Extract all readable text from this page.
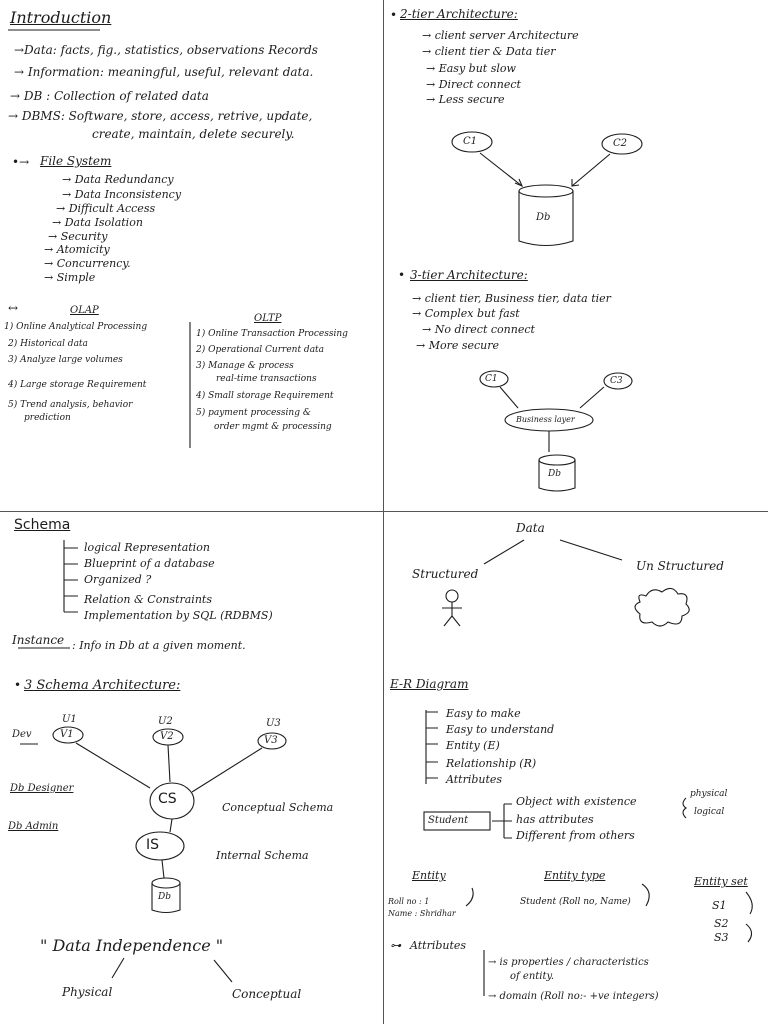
Introduction
→Data: facts, fig., statistics, observations Records
→ Information: meaningful, useful, relevant data.
→ DB : Collection of related data
→ DBMS: Software, store, access, retrive, update,
create, maintain, delete securely.
•→ File System
→ Data Redundancy
→ Data Inconsistency
→ Difficult Access
→ Data Isolation
→ Security
→ Atomicity
→ Concurrency.
→ Simple
↔	OLAP
1) Online Analytical Processing
2) Historical data
3) Analyze large volumes
4) Large storage Requirement
5) Trend analysis, behavior
prediction
OLTP
1) Online Transaction Processing
2) Operational Current data
3) Manage & process
real-time transactions
4) Small storage Requirement
5) payment processing &
order mgmt & processing
• 2-tier Architecture:
→ client server Architecture
→ client tier & Data tier
→ Easy but slow
→ Direct connect
→ Less secure
C1	C2
Db
• 3-tier Architecture:
→ client tier, Business tier, data tier
→ Complex but fast
→ No direct connect
→ More secure
C1	C3
Business layer
Db
Schema
logical Representation
Blueprint of a database
Organized ?
Relation & Constraints
Implementation by SQL (RDBMS)
Instance : Info in Db at a given moment.
• 3 Schema Architecture:
U1	U2	U3
V1	V2	V3
Dev
Db Designer
Db Admin
CS
IS
Db
Conceptual Schema
Internal Schema
" Data Independence "
Physical	Conceptual
Data
Structured
Un Structured
E-R Diagram
Easy to make
Easy to understand
Entity (E)
Relationship (R)
Attributes
Student
Object with existence
has attributes
Different from others
physical
logical
Entity	Entity type	Entity set
Roll no : 1
Name : Shridhar
Student (Roll no, Name)	S1
S2
S3
⊶ Attributes
→ is properties / characteristics
of entity.
→ domain (Roll no:- +ve integers)
